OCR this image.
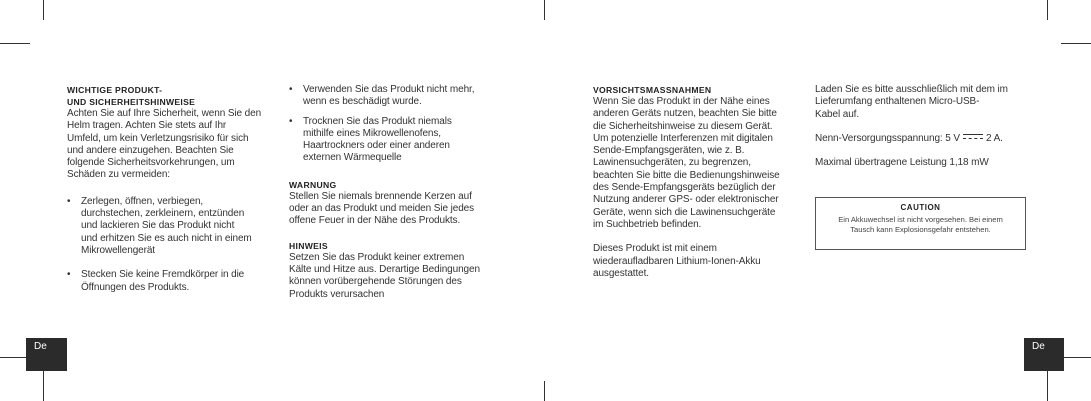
De	De
WICHTIGE PRODUKT-
UND SICHERHEITSHINWEISE

Achten Sie auf Ihre Sicherheit, wenn Sie den
Helm tragen. Achten Sie stets auf Ihr
Umfeld, um kein Verletzungsrisiko für sich
und andere einzugehen. Beachten Sie
folgende Sicherheitsvorkehrungen, um
Schäden zu vermeiden:

• Zerlegen, öffnen, verbiegen,
durchstechen, zerkleinern, entzünden
und lackieren Sie das Produkt nicht
und erhitzen Sie es auch nicht in einem
Mikrowellengerät
• Stecken Sie keine Fremdkörper in die
Öffnungen des Produkts.
• Verwenden Sie das Produkt nicht mehr,
wenn es beschädigt wurde.
• Trocknen Sie das Produkt niemals
mithilfe eines Mikrowellenofens,
Haartrockners oder einer anderen
externen Wärmequelle
WARNUNG

Stellen Sie niemals brennende Kerzen auf
oder an das Produkt und meiden Sie jedes
offene Feuer in der Nähe des Produkts.

HINWEIS

Setzen Sie das Produkt keiner extremen
Kälte und Hitze aus. Derartige Bedingungen
können vorübergehende Störungen des
Produkts verursachen

VORSICHTSMASSNAHMEN

Wenn Sie das Produkt in der Nähe eines
anderen Geräts nutzen, beachten Sie bitte
die Sicherheitshinweise zu diesem Gerät.
Um potenzielle Interferenzen mit digitalen
Sende-Empfangsgeräten, wie z. B.
Lawinensuchgeräten, zu begrenzen,
beachten Sie bitte die Bedienungshinweise
des Sende-Empfangsgeräts bezüglich der
Nutzung anderer GPS- oder elektronischer
Geräte, wenn sich die Lawinensuchgeräte
im Suchbetrieb befinden.

Dieses Produkt ist mit einem
wiederaufladbaren Lithium-Ionen-Akku
ausgestattet.

Laden Sie es bitte ausschließlich mit dem im
Lieferumfang enthaltenen Micro-USB-
Kabel auf.

Nenn-Versorgungsspannung: 5 V	2 A.
Maximal übertragene Leistung 1,18 mW
CAUTION
Ein Akkuwechsel ist nicht vorgesehen. Bei einem
Tausch kann Explosionsgefahr entstehen.
